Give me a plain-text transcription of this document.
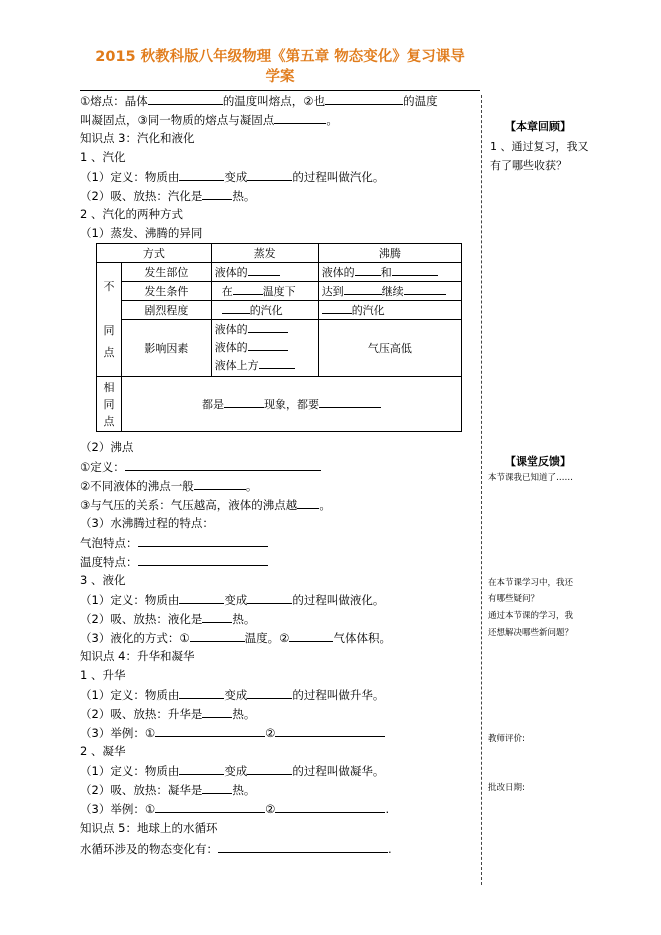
2015 秋教科版八年级物理《第五章 物态变化》复习课导
学案
①熔点：晶体	的温度叫熔点，②也	的温度
叫凝固点，③同一物质的熔点与凝固点	。
知识点 3：汽化和液化
1 、汽化
（1）定义：物质由	变成	的过程叫做汽化。
（2）吸、放热：汽化是	热。
2 、汽化的两种方式
（1）蒸发、沸腾的异同
方式		蒸发	沸腾
不

同
点	发生部位	液体的	液体的 和
	发生条件	在 温度下	达到 继续
	剧烈程度	的汽化	的汽化
	影响因素	液体的
液体的
液体上方	气压高低
相
同
点	都是 现象，都要		
（2）沸点
①定义：
②不同液体的沸点一般	。
③与气压的关系：气压越高，液体的沸点越 。
（3）水沸腾过程的特点：
气泡特点：
温度特点：
3 、液化
（1）定义：物质由	变成	的过程叫做液化。
（2）吸、放热：液化是	热。
（3）液化的方式：①	温度。②	气体体积。
知识点 4：升华和凝华
1 、升华
（1）定义：物质由	变成	的过程叫做升华。
（2）吸、放热：升华是	热。
（3）举例：①	②
2 、凝华
（1）定义：物质由	变成	的过程叫做凝华。
（2）吸、放热：凝华是	热。
（3）举例：①	②	.
知识点 5：地球上的水循环
水循环涉及的物态变化有：	.
【本章回顾】
1 、通过复习，我又
有了哪些收获？
【课堂反馈】
本节课我已知道了……
在本节课学习中，我还
有哪些疑问？
通过本节课的学习，我
还想解决哪些新问题？
教师评价:
批改日期:
